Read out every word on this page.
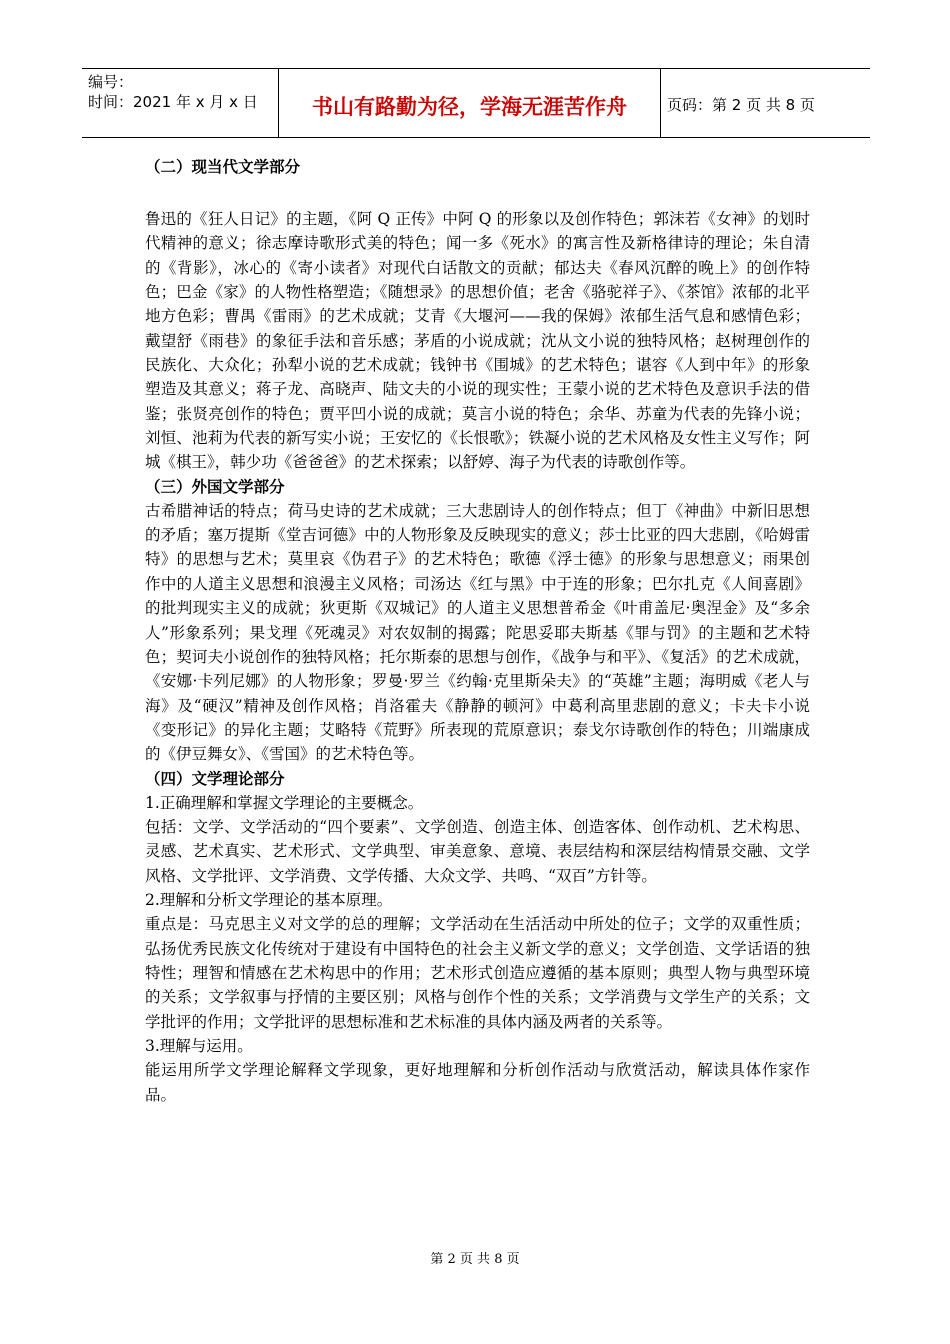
编号：
时间：2021 年 x 月 x 日	书山有路勤为径，学海无涯苦作舟	页码：第 2 页 共 8 页

（二）现当代文学部分

鲁迅的《狂人日记》的主题，《阿 Q 正传》中阿 Q 的形象以及创作特色；郭沫若《女神》的划时代精神的意义；徐志摩诗歌形式美的特色；闻一多《死水》的寓言性及新格律诗的理论；朱自清的《背影》，冰心的《寄小读者》对现代白话散文的贡献；郁达夫《春风沉醉的晚上》的创作特色；巴金《家》的人物性格塑造；《随想录》的思想价值；老舍《骆驼祥子》、《茶馆》浓郁的北平地方色彩；曹禺《雷雨》的艺术成就；艾青《大堰河——我的保姆》浓郁生活气息和感情色彩；戴望舒《雨巷》的象征手法和音乐感；茅盾的小说成就；沈从文小说的独特风格；赵树理创作的民族化、大众化；孙犁小说的艺术成就；钱钟书《围城》的艺术特色；谌容《人到中年》的形象塑造及其意义；蒋子龙、高晓声、陆文夫的小说的现实性；王蒙小说的艺术特色及意识手法的借鉴；张贤亮创作的特色；贾平凹小说的成就；莫言小说的特色；余华、苏童为代表的先锋小说；刘恒、池莉为代表的新写实小说；王安忆的《长恨歌》；铁凝小说的艺术风格及女性主义写作；阿城《棋王》，韩少功《爸爸爸》的艺术探索；以舒婷、海子为代表的诗歌创作等。

（三）外国文学部分

古希腊神话的特点；荷马史诗的艺术成就；三大悲剧诗人的创作特点；但丁《神曲》中新旧思想的矛盾；塞万提斯《堂吉诃德》中的人物形象及反映现实的意义；莎士比亚的四大悲剧，《哈姆雷特》的思想与艺术；莫里哀《伪君子》的艺术特色；歌德《浮士德》的形象与思想意义；雨果创作中的人道主义思想和浪漫主义风格；司汤达《红与黑》中于连的形象；巴尔扎克《人间喜剧》的批判现实主义的成就；狄更斯《双城记》的人道主义思想普希金《叶甫盖尼·奥涅金》及“多余人”形象系列；果戈理《死魂灵》对农奴制的揭露；陀思妥耶夫斯基《罪与罚》的主题和艺术特色；契诃夫小说创作的独特风格；托尔斯泰的思想与创作，《战争与和平》、《复活》的艺术成就，《安娜·卡列尼娜》的人物形象；罗曼·罗兰《约翰·克里斯朵夫》的“英雄”主题；海明威《老人与海》及“硬汉”精神及创作风格；肖洛霍夫《静静的顿河》中葛利高里悲剧的意义；卡夫卡小说《变形记》的异化主题；艾略特《荒野》所表现的荒原意识；泰戈尔诗歌创作的特色；川端康成的《伊豆舞女》、《雪国》的艺术特色等。

（四）文学理论部分

1.正确理解和掌握文学理论的主要概念。

包括：文学、文学活动的“四个要素”、文学创造、创造主体、创造客体、创作动机、艺术构思、灵感、艺术真实、艺术形式、文学典型、审美意象、意境、表层结构和深层结构情景交融、文学风格、文学批评、文学消费、文学传播、大众文学、共鸣、“双百”方针等。

2.理解和分析文学理论的基本原理。

重点是：马克思主义对文学的总的理解；文学活动在生活活动中所处的位子；文学的双重性质；弘扬优秀民族文化传统对于建设有中国特色的社会主义新文学的意义；文学创造、文学话语的独特性；理智和情感在艺术构思中的作用；艺术形式创造应遵循的基本原则；典型人物与典型环境的关系；文学叙事与抒情的主要区别；风格与创作个性的关系；文学消费与文学生产的关系；文学批评的作用；文学批评的思想标准和艺术标准的具体内涵及两者的关系等。

3.理解与运用。

能运用所学文学理论解释文学现象，更好地理解和分析创作活动与欣赏活动，解读具体作家作品。

第 2 页 共 8 页
